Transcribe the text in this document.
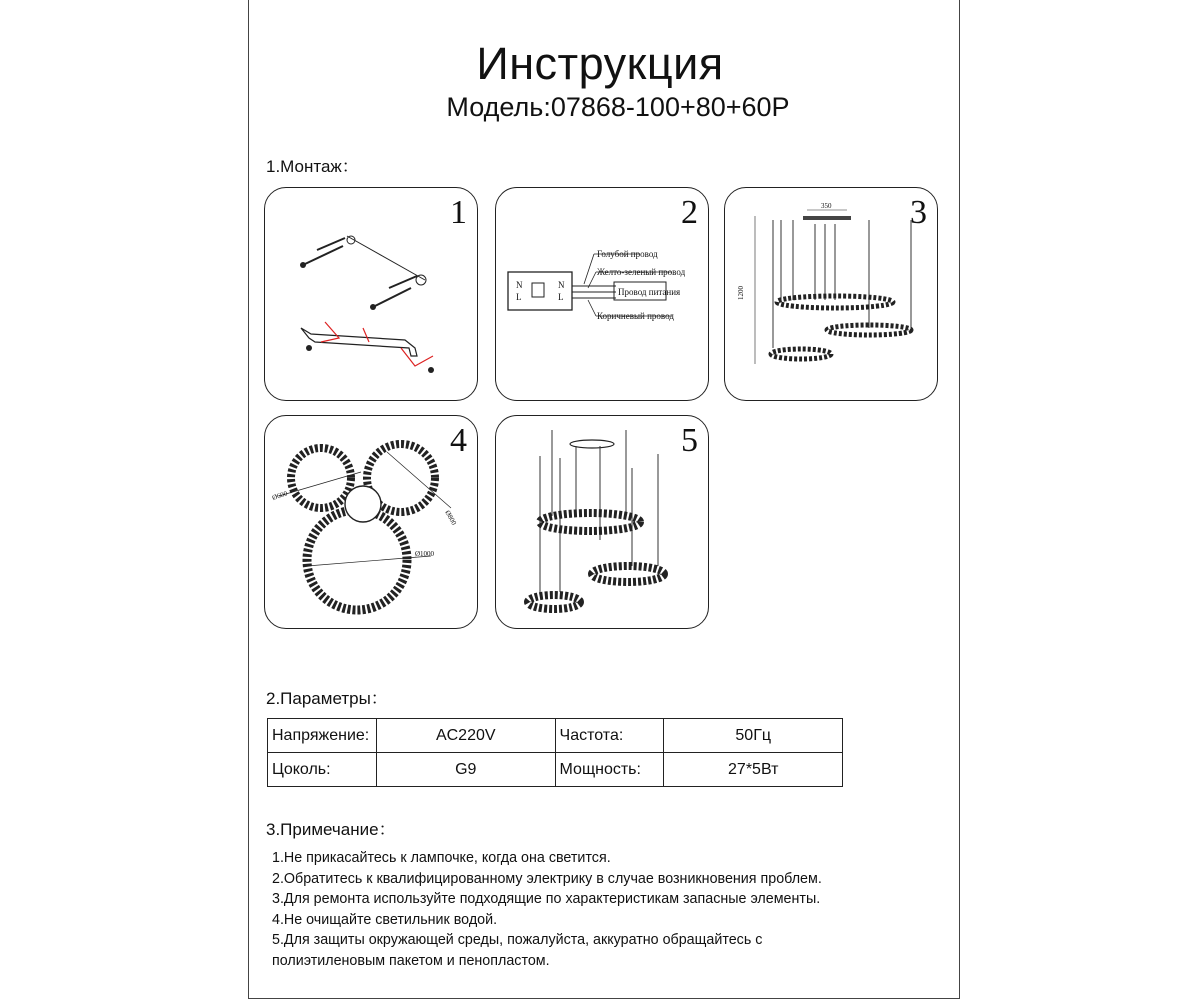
Инструкция
Модель:07868-100+80+60P
1.Монтаж：
1
N
L
N
L
Голубой провод
Желто-зеленый провод
Провод питания
Коричневый провод
2	350
1200
3
Ø600
Ø800
Ø1000
4	5
2.Параметры：
Напряжение:	AC220V	Частота:	50Гц
Цоколь:	G9	Мощность:	27*5Вт
3.Примечание：
1.Не прикасайтесь к лампочке, когда она светится.
2.Обратитесь к квалифицированному электрику в случае возникновения проблем.
3.Для ремонта используйте подходящие по характеристикам запасные элементы.
4.Не очищайте светильник водой.
5.Для защиты окружающей среды, пожалуйста, аккуратно обращайтесь с
полиэтиленовым пакетом и пенопластом.
